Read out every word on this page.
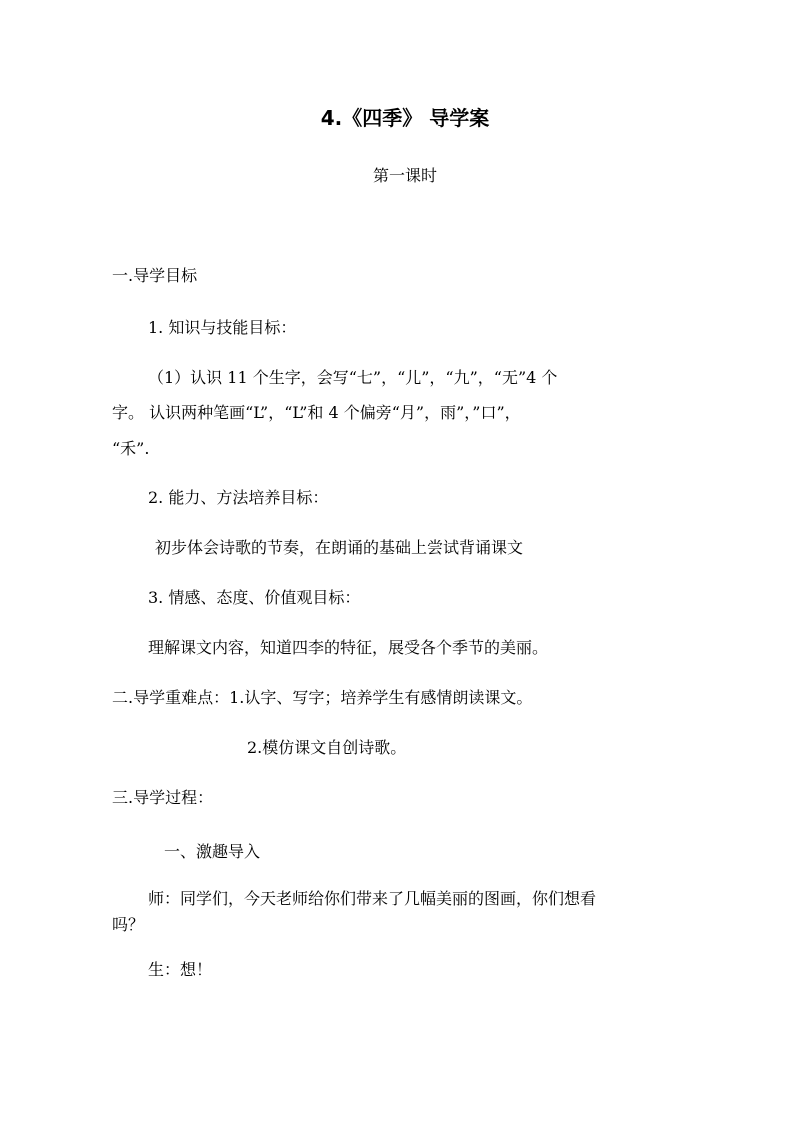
4.《四季》 导学案
第一课时
一.导学目标
1. 知识与技能目标：
（1）认识 11 个生字，会写“七”，“儿”，“九”，“无”4 个
字。 认识两种笔画“L”，“L”和 4 个偏旁“月”，雨”，”口”，
“禾”.
2. 能力、方法培养目标：
初步体会诗歌的节奏，在朗诵的基础上尝试背诵课文
3. 情感、态度、价值观目标：
理解课文内容，知道四李的特征，展受各个季节的美丽。
二.导学重难点：1.认字、写字；培养学生有感情朗读课文。
2.模仿课文自创诗歌。
三.导学过程：
一、激趣导入
师：同学们，今天老师给你们带来了几幅美丽的图画，你们想看
吗？
生：想！
